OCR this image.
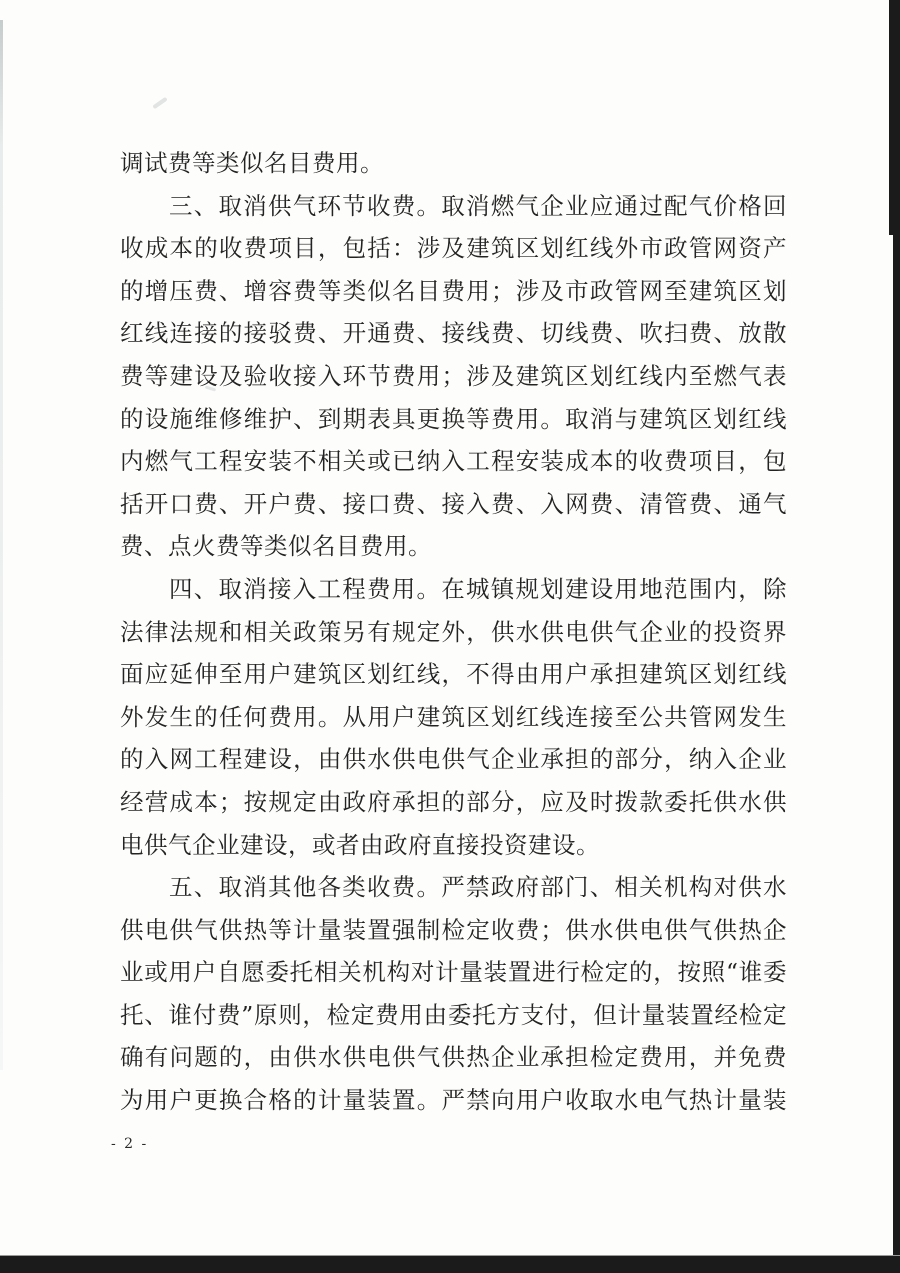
调试费等类似名目费用。
三、取消供气环节收费。取消燃气企业应通过配气价格回
收成本的收费项目，包括：涉及建筑区划红线外市政管网资产
的增压费、增容费等类似名目费用；涉及市政管网至建筑区划
红线连接的接驳费、开通费、接线费、切线费、吹扫费、放散
费等建设及验收接入环节费用；涉及建筑区划红线内至燃气表
的设施维修维护、到期表具更换等费用。取消与建筑区划红线
内燃气工程安装不相关或已纳入工程安装成本的收费项目，包
括开口费、开户费、接口费、接入费、入网费、清管费、通气
费、点火费等类似名目费用。
四、取消接入工程费用。在城镇规划建设用地范围内，除
法律法规和相关政策另有规定外，供水供电供气企业的投资界
面应延伸至用户建筑区划红线，不得由用户承担建筑区划红线
外发生的任何费用。从用户建筑区划红线连接至公共管网发生
的入网工程建设，由供水供电供气企业承担的部分，纳入企业
经营成本；按规定由政府承担的部分，应及时拨款委托供水供
电供气企业建设，或者由政府直接投资建设。
五、取消其他各类收费。严禁政府部门、相关机构对供水
供电供气供热等计量装置强制检定收费；供水供电供气供热企
业或用户自愿委托相关机构对计量装置进行检定的，按照“谁委
托、谁付费”原则，检定费用由委托方支付，但计量装置经检定
确有问题的，由供水供电供气供热企业承担检定费用，并免费
为用户更换合格的计量装置。严禁向用户收取水电气热计量装
- 2 -
